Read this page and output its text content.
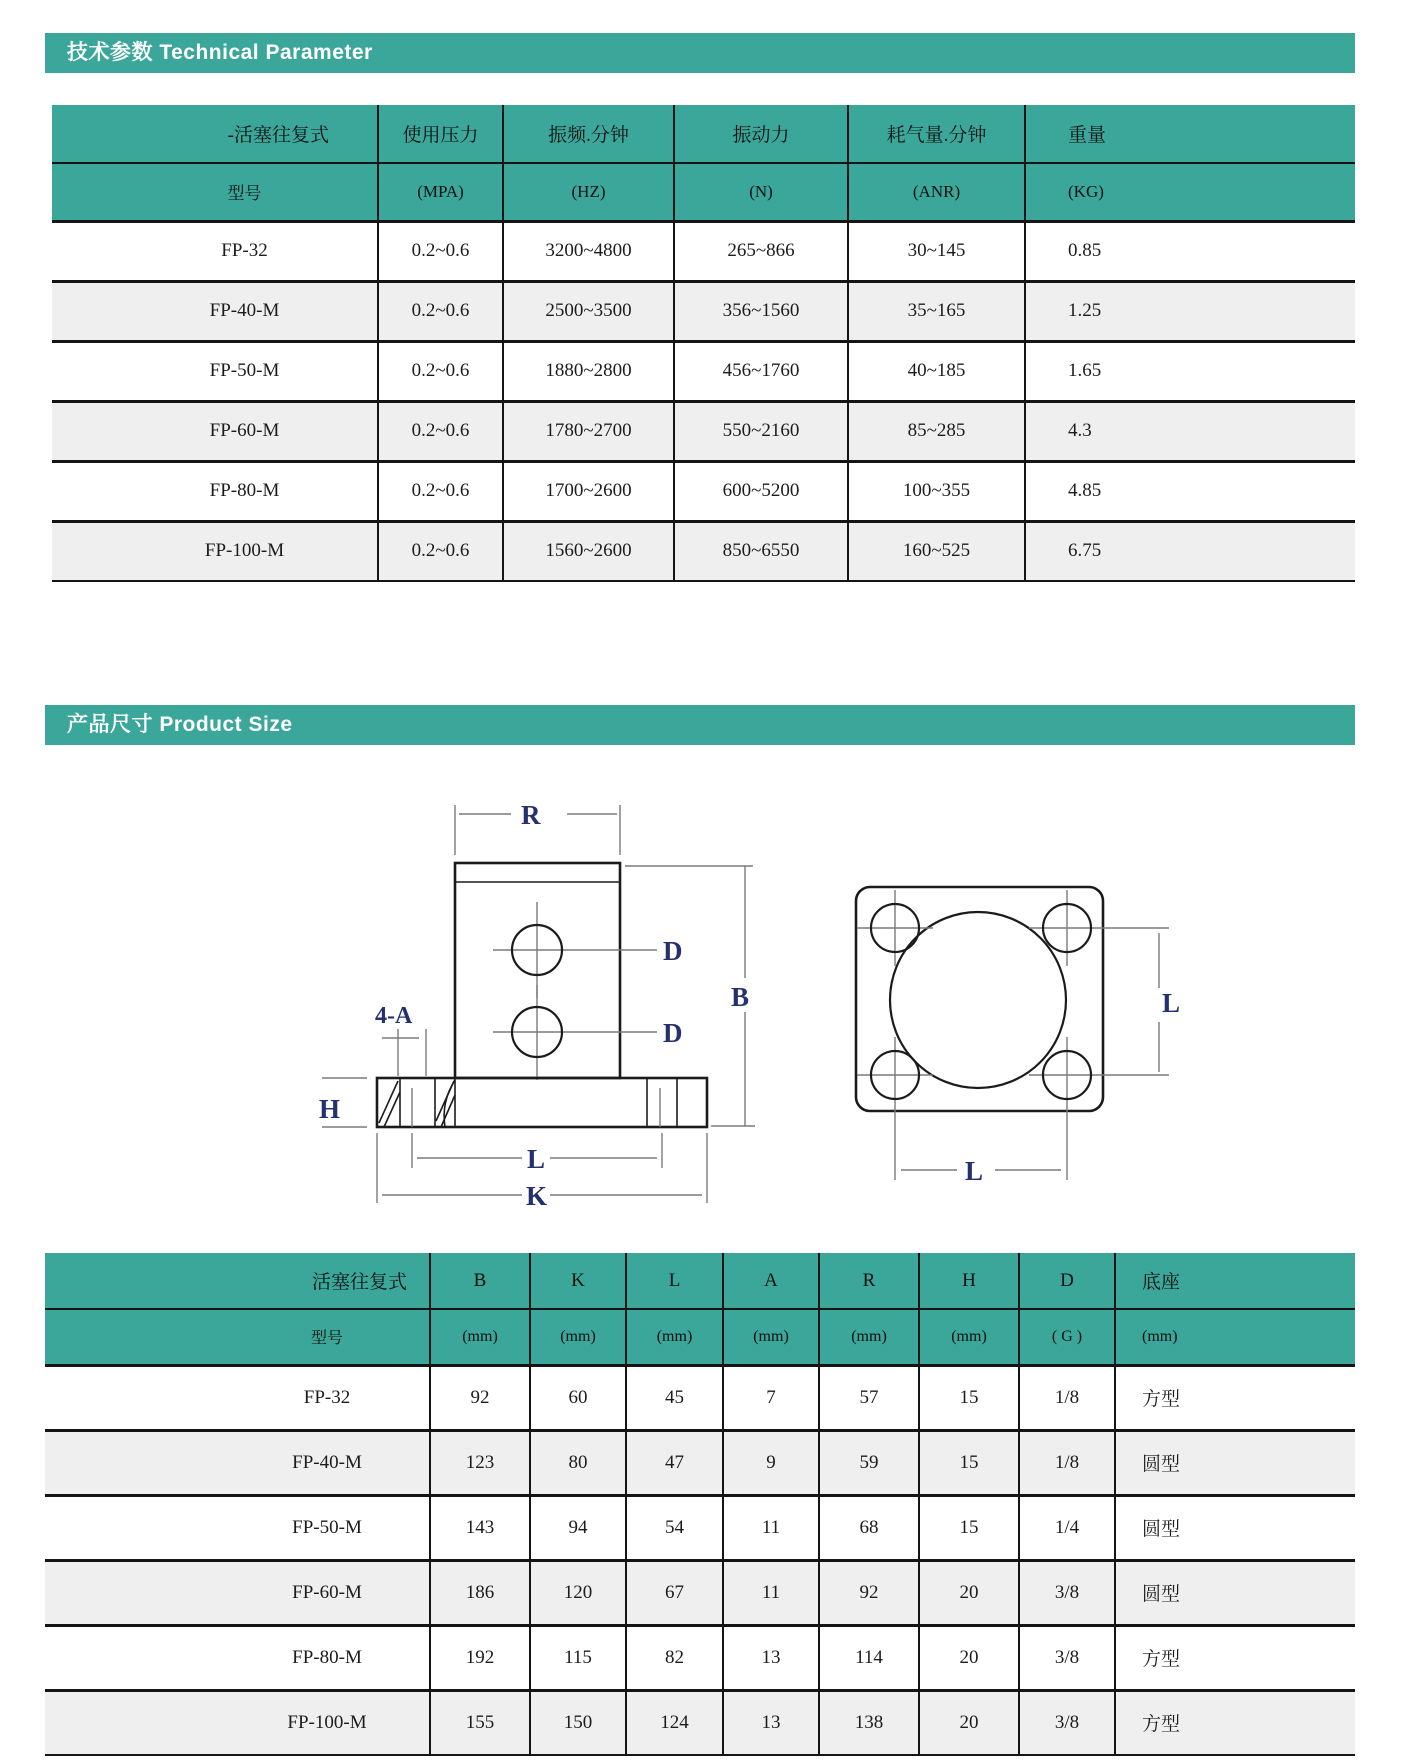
技术参数 Technical Parameter
-活塞往复式	使用压力	振频.分钟	振动力	耗气量.分钟	重量
型号	(MPA)	(HZ)	(N)	(ANR)	(KG)
FP-32	0.2~0.6	3200~4800	265~866	30~145	0.85
FP-40-M	0.2~0.6	2500~3500	356~1560	35~165	1.25
FP-50-M	0.2~0.6	1880~2800	456~1760	40~185	1.65
FP-60-M	0.2~0.6	1780~2700	550~2160	85~285	4.3
FP-80-M	0.2~0.6	1700~2600	600~5200	100~355	4.85
FP-100-M	0.2~0.6	1560~2600	850~6550	160~525	6.75
产品尺寸 Product Size
R
D
D
B
4-A
H
L
K
L
L
活塞往复式	B	K	L	A	R	H	D	底座
型号	(mm)	(mm)	(mm)	(mm)	(mm)	(mm)	( G )	(mm)
FP-32	92	60	45	7	57	15	1/8	方型
FP-40-M	123	80	47	9	59	15	1/8	圆型
FP-50-M	143	94	54	11	68	15	1/4	圆型
FP-60-M	186	120	67	11	92	20	3/8	圆型
FP-80-M	192	115	82	13	114	20	3/8	方型
FP-100-M	155	150	124	13	138	20	3/8	方型
